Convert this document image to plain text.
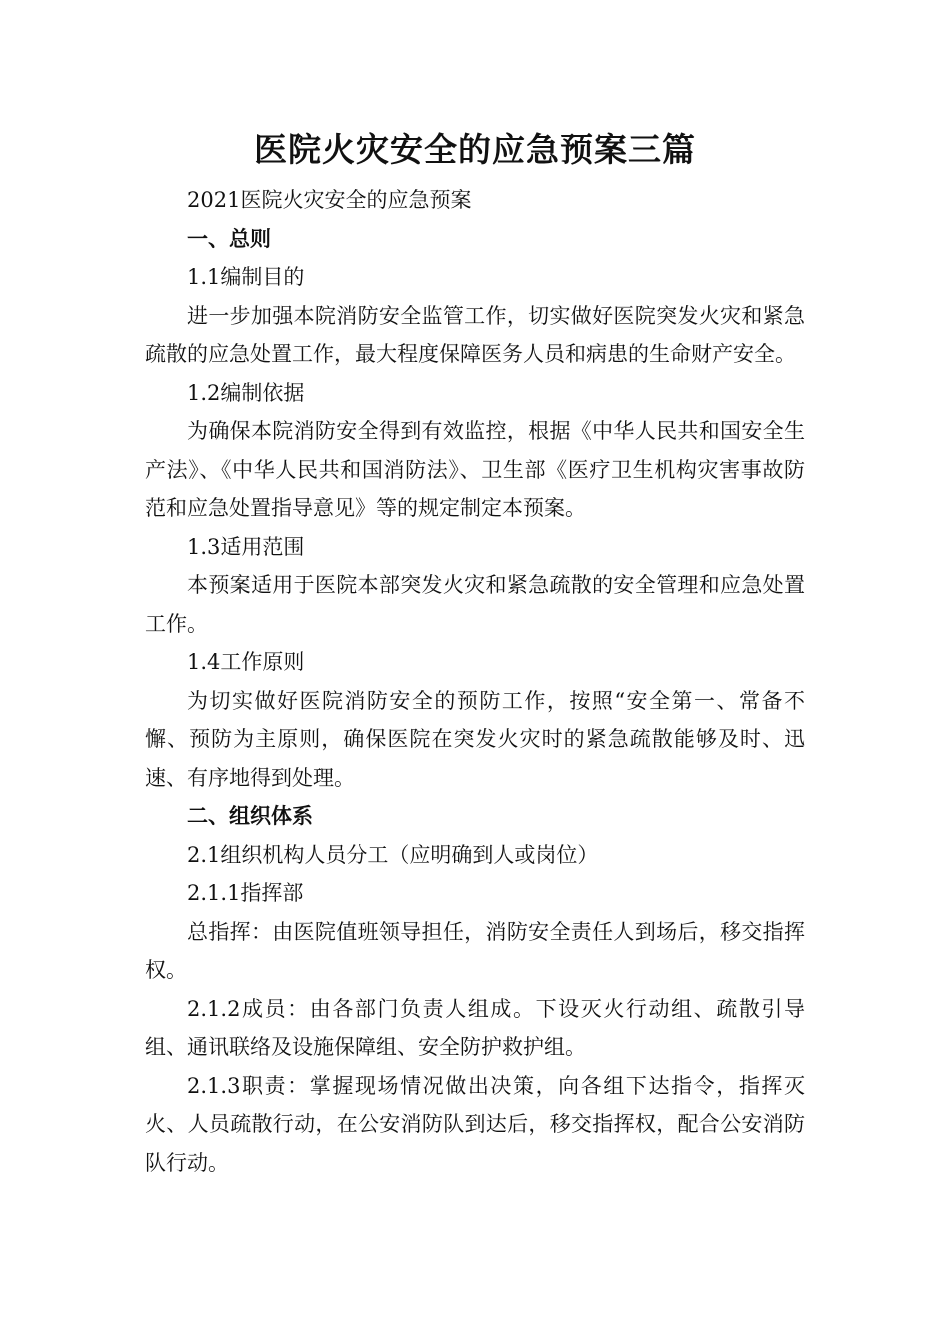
医院火灾安全的应急预案三篇

2021医院火灾安全的应急预案

一、总则

1.1编制目的

进一步加强本院消防安全监管工作，切实做好医院突发火灾和紧急疏散的应急处置工作，最大程度保障医务人员和病患的生命财产安全。

1.2编制依据

为确保本院消防安全得到有效监控，根据《中华人民共和国安全生产法》、《中华人民共和国消防法》、卫生部《医疗卫生机构灾害事故防范和应急处置指导意见》等的规定制定本预案。

1.3适用范围

本预案适用于医院本部突发火灾和紧急疏散的安全管理和应急处置工作。

1.4工作原则

为切实做好医院消防安全的预防工作，按照“安全第一、常备不懈、预防为主原则，确保医院在突发火灾时的紧急疏散能够及时、迅速、有序地得到处理。

二、组织体系

2.1组织机构人员分工（应明确到人或岗位）

2.1.1指挥部

总指挥：由医院值班领导担任，消防安全责任人到场后，移交指挥权。

2.1.2成员：由各部门负责人组成。下设灭火行动组、疏散引导组、通讯联络及设施保障组、安全防护救护组。

2.1.3职责：掌握现场情况做出决策，向各组下达指令，指挥灭火、人员疏散行动，在公安消防队到达后，移交指挥权，配合公安消防队行动。
